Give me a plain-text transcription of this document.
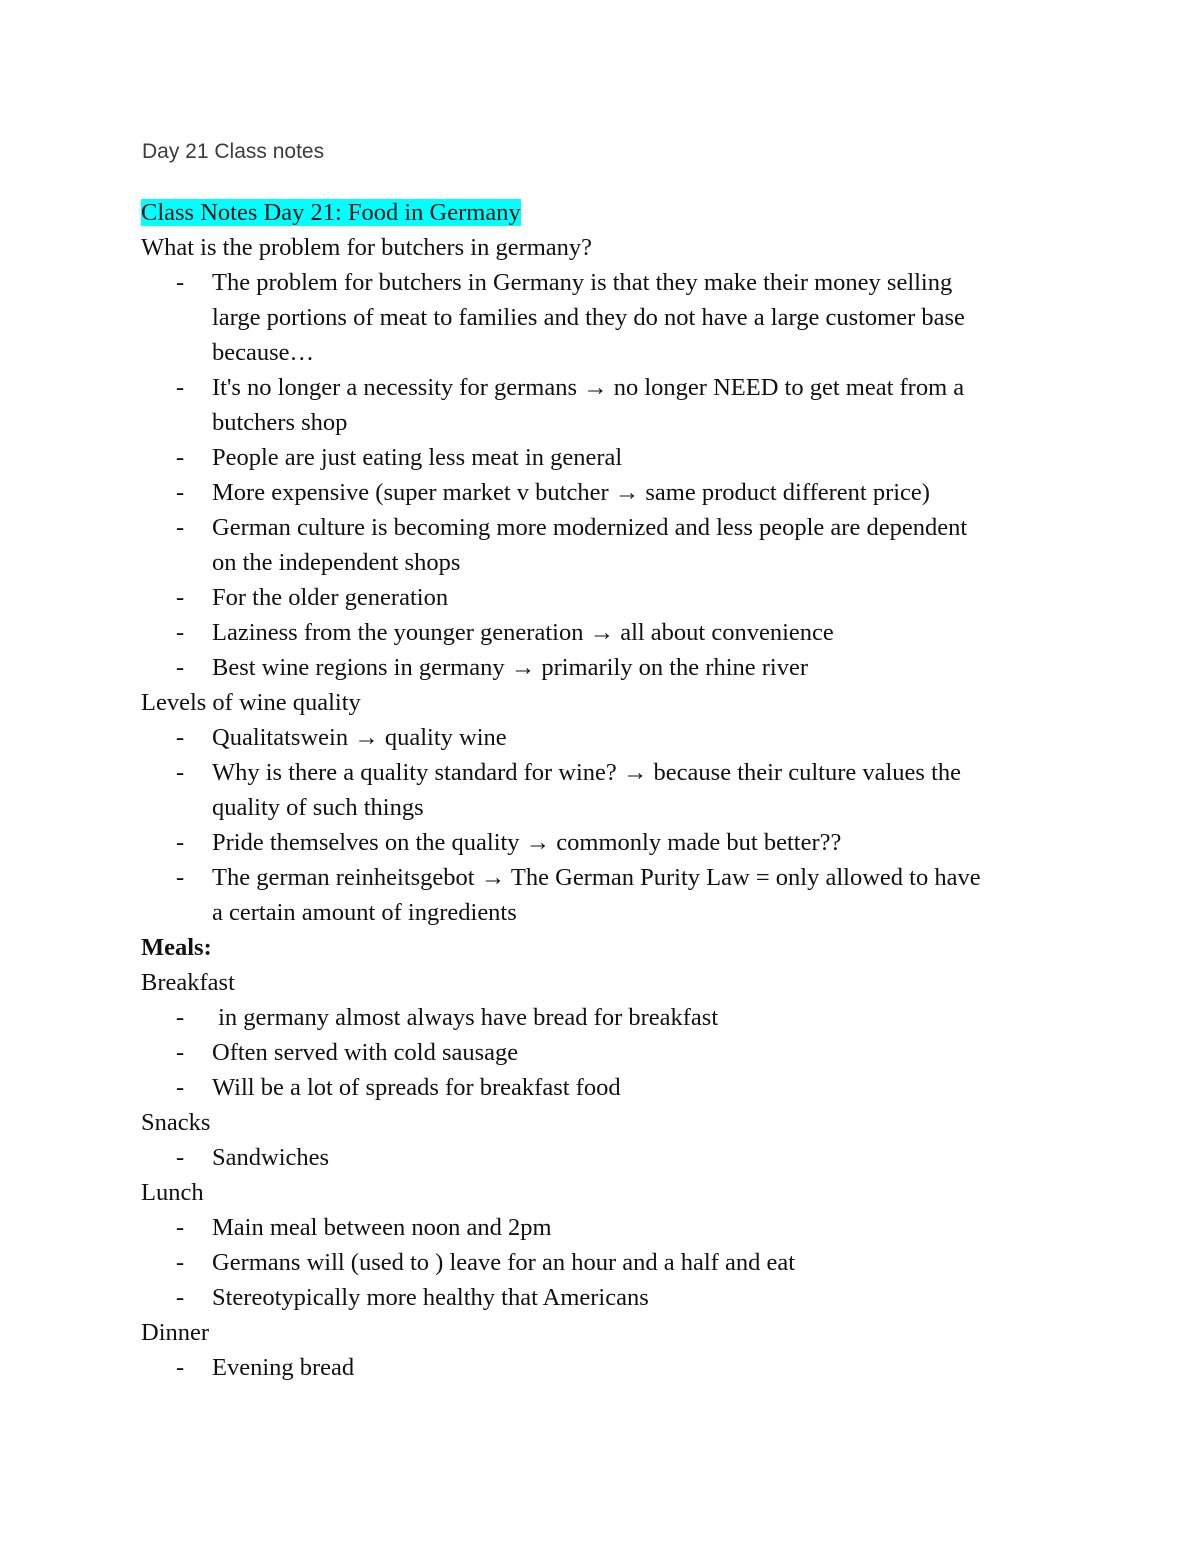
Day 21 Class notes

Class Notes Day 21: Food in Germany

What is the problem for butchers in germany?

- The problem for butchers in Germany is that they make their money selling
large portions of meat to families and they do not have a large customer base
because…
- It's no longer a necessity for germans → no longer NEED to get meat from a
butchers shop
- People are just eating less meat in general
- More expensive (super market v butcher → same product different price)
- German culture is becoming more modernized and less people are dependent
on the independent shops
- For the older generation
- Laziness from the younger generation → all about convenience
- Best wine regions in germany → primarily on the rhine river

Levels of wine quality

- Qualitatswein → quality wine
- Why is there a quality standard for wine? → because their culture values the
quality of such things
- Pride themselves on the quality → commonly made but better??
- The german reinheitsgebot → The German Purity Law = only allowed to have
a certain amount of ingredients

Meals:

Breakfast

-  in germany almost always have bread for breakfast
- Often served with cold sausage
- Will be a lot of spreads for breakfast food

Snacks

- Sandwiches

Lunch

- Main meal between noon and 2pm
- Germans will (used to ) leave for an hour and a half and eat
- Stereotypically more healthy that Americans

Dinner

- Evening bread
